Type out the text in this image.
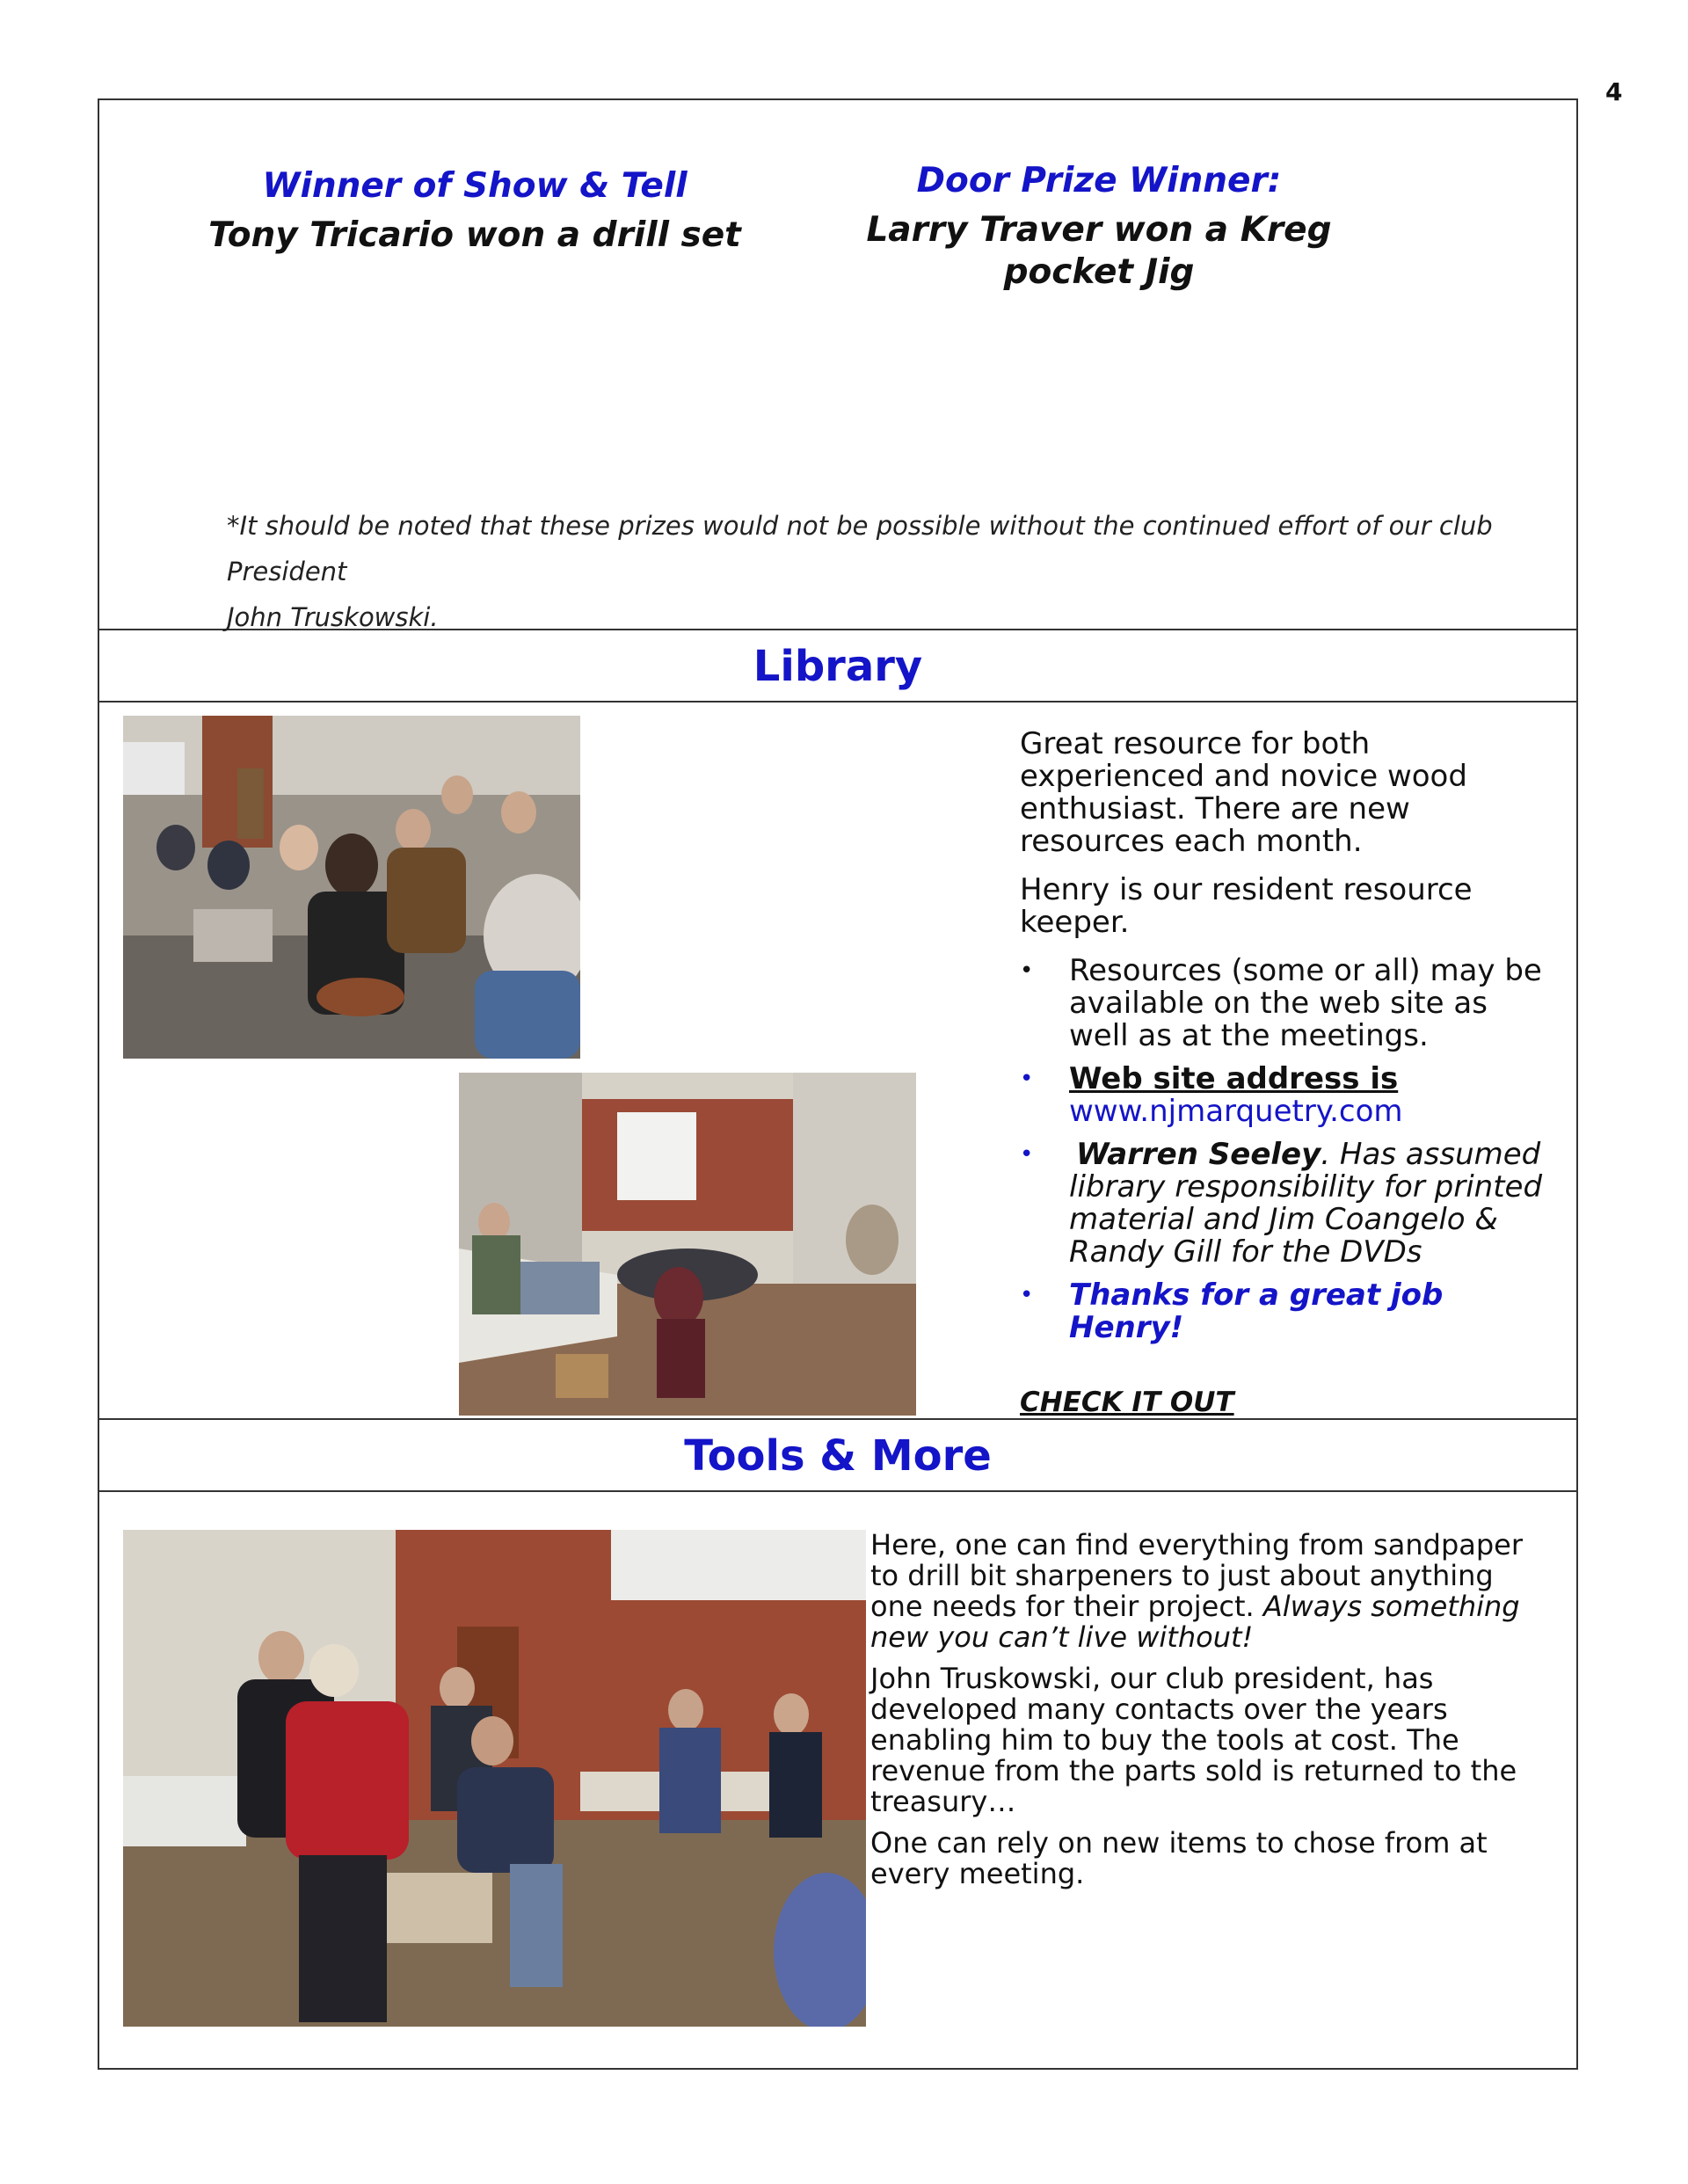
4
Winner of Show & Tell
Tony Tricario won a drill set
Door Prize Winner:
Larry Traver won a Kreg pocket Jig
*It should be noted that these prizes would not be possible without the continued effort of our club President
John Truskowski.
Library

Great resource for both experienced and novice wood enthusiast. There are new resources each month.

Henry is our resident resource keeper.

• Resources (some or all) may be available on the web site as well as at the meetings.
• Web site address is
www.njmarquetry.com
• Warren Seeley. Has assumed library responsibility for printed material and Jim Coangelo & Randy Gill for the DVDs
• Thanks for a great job Henry!
CHECK IT OUT
Tools & More

Here, one can find everything from sandpaper to drill bit sharpeners to just about anything one needs for their project. Always something new you can’t live without!

John Truskowski, our club president, has developed many contacts over the years enabling him to buy the tools at cost. The revenue from the parts sold is returned to the treasury…

One can rely on new items to chose from at every meeting.
